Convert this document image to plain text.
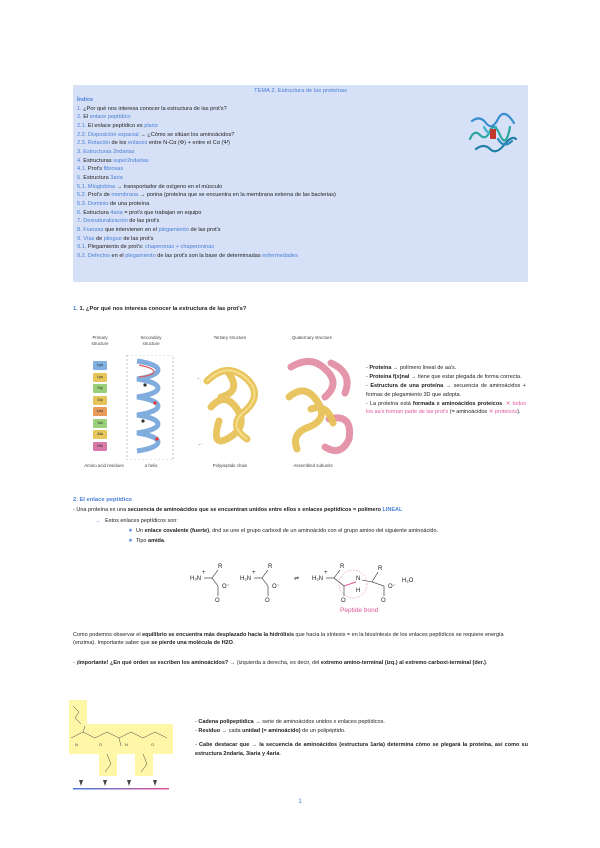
TEMA 2. Estructura de las proteínas
Índice
1. ¿Por qué nos interesa conocer la estructura de las prot's?
2. El enlace peptídico
2.1. El enlace peptídico es plano
2.2. Disposición espacial → ¿Cómo se sitúan los aminoácidos?
2.3. Rotación de los enlaces entre N-Cα (Φ) + entre el Cα (Ψ)
3. Estructuras 2ndarias
4. Estructuras super2ndarias
4.1. Prot's fibrosas
5. Estructura 3aria
5.1. Mioglobina → transportador de oxígeno en el músculo
5.2. Prot's de membrana → porina (proteína que se encuentra en la membrana externa de las bacterias)
5.3. Dominio de una proteína
6. Estructura 4aria = prot's que trabajan en equipo
7. Desnaturalización de las prot's
8. Fuerzas que intervienen en el plegamiento de las prot's
9. Vías de pliegue de las prot's
9.1. Plegamiento de prot's: chaperonas + chaperoninas
9.2. Defectos en el plegamiento de las prot's son la base de determinadas enfermedades
1. 1. ¿Por qué nos interesa conocer la estructura de las prot's?
Primary structure
Secondary structure
Tertiary structure	Quaternary structure
Lys
Lys
Gly
Gly
Leu
Val
Ala
His
Amino acid residues	α helix	Polypeptide chain	Assembled subunits

- Proteína → polímero lineal de aa's.

- Proteína f(x)nal → tiene que estar plegada de forma correcta.

- Estructura de una proteína → secuencia de aminoácidos + formas de plegamiento 3D que adopta.

- La proteína está formada x aminoácidos proteicos. ✕ todos los aa's forman parte de las prot's (= aminoácidos ✕ proteicos).

2. El enlace peptídico
- Una proteína es una secuencia de aminoácidos que se encuentran unidos entre ellos x enlaces peptídicos = polímero LINEAL
→ Estos enlaces peptídicos son:
★ Un enlace covalente (fuerte), dnd se une el grupo carboxil de un aminoácido con el grupo amino del siguiente aminoácido.
★ Tipo amida.
H₃N
+
R
O
O⁻
H₃N
+
R
O
O⁻
⇌ H₃N
+
R
O
N
H
R
O
O⁻
H₂O
Peptide bond
Como podemos observar el equilibrio se encuentra más desplazado hacia la hidrólisis que hacia la síntesis = en la biosíntesis de los enlaces peptídicos se requiere energía (enzima). Importante saber que se pierde una molécula de H2O.
- ¡Importante! ¿En qué orden se escriben los aminoácidos? → (izquierda a derecha, es decir, del extremo amino-terminal (izq.) al extremo carboxi-terminal (der.).
N	O	N	O

- Cadena polipeptídica → serie de aminoácidos unidos x enlaces peptídicos.

- Residuo → cada unidad (= aminoácido) de un polipéptido.

- Cabe destacar que → la secuencia de aminoácidos (estructura 1aria) determina cómo se plegará la proteína, así como su estructura 2ndaria, 3iaria y 4aria.

1
